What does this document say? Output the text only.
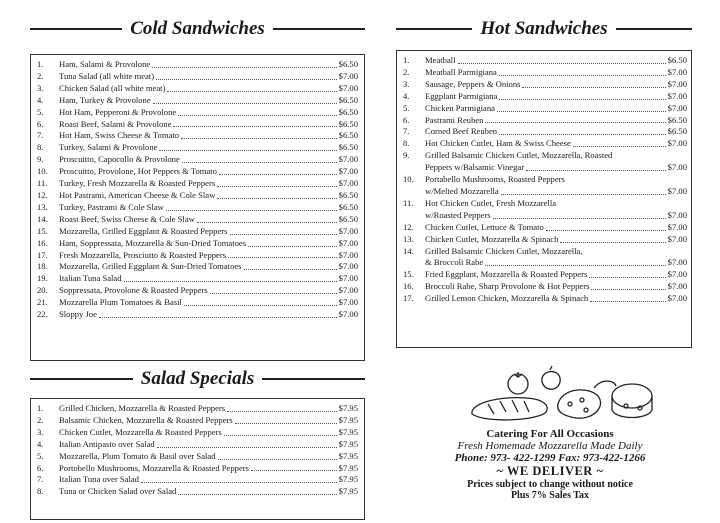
Cold Sandwiches
1.	Ham, Salami & Provolone	$6.50
2.	Tuna Salad (all white meat)	$7.00
3.	Chicken Salad (all white meat)	$7.00
4.	Ham, Turkey & Provolone	$6.50
5.	Hot Ham, Pepperoni & Provolone	$6.50
6.	Roast Beef, Salami & Provolone	$6.50
7.	Hot Ham, Swiss Cheese & Tomato	$6.50
8.	Turkey, Salami & Provolone	$6.50
9.	Proscuitto, Capocollo & Provolone	$7.00
10.	Proscuitto, Provolone, Hot Peppers & Tomato	$7.00
11.	Turkey, Fresh Mozzarella & Roasted Peppers	$7.00
12.	Hot Pastrami, American Cheese & Cole Slaw	$6.50
13.	Turkey, Pastrami & Cole Slaw	$6.50
14.	Roast Beef, Swiss Cheese & Cole Slaw	$6.50
15.	Mozzarella, Grilled Eggplant & Roasted Peppers	$7.00
16.	Ham, Soppressata, Mozzarella & Sun-Dried Tomatoes	$7.00
17.	Fresh Mozzarella, Prosciutto & Roasted Peppers	$7.00
18.	Mozzarella, Grilled Eggplant & Sun-Dried Tomatoes	$7.00
19.	Italian Tuna Salad	$7.00
20.	Soppressata, Provolone & Roasted Peppers	$7.00
21.	Mozzarella Plum Tomatoes & Basil	$7.00
22.	Sloppy Joe	$7.00
Salad Specials
1.	Grilled Chicken, Mozzarella & Roasted Peppers	$7.95
2.	Balsamic Chicken, Mozzarella & Roasted Peppers	$7.95
3.	Chicken Cutlet, Mozzarella & Roasted Peppers	$7.95
4.	Italian Antipasto over Salad	$7.95
5.	Mozzarella, Plum Tomato & Basil over Salad	$7.95
6.	Portobello Mushrooms, Mozzarella & Roasted Peppers	$7.95
7.	Italian Tuna over Salad	$7.95
8.	Tuna or Chicken Salad over Salad	$7.95
Hot Sandwiches
1.	Meatball	$6.50
2.	Meatball Parmigiana	$7.00
3.	Sausage, Peppers & Onions	$7.00
4.	Eggplant Parmigiana	$7.00
5.	Chicken Parmigiana	$7.00
6.	Pastrami Reuben	$6.50
7.	Corned Beef Reuben	$6.50
8.	Hot Chicken Cutlet, Ham & Swiss Cheese	$7.00
9.	Grilled Balsamic Chicken Cutlet, Mozzarella, Roasted
Peppers w/Balsamic Vinegar	$7.00
10.	Portabello Mushrooms, Roasted Peppers
w/Melted Mozzarella	$7.00
11.	Hot Chicken Cutlet, Fresh Mozzarella
w/Roasted Peppers	$7.00
12.	Chicken Cutlet, Lettuce & Tomato	$7.00
13.	Chicken Cutlet, Mozzarella & Spinach	$7.00
14.	Grilled Balsamic Chicken Cutlet, Mozzarella,
& Broccoli Rabe	$7.00
15.	Fried Eggplant, Mozzarella & Roasted Peppers	$7.00
16.	Broccoli Rabe, Sharp Provolone & Hot Peppers	$7.00
17.	Grilled Lemon Chicken, Mozzarella & Spinach	$7.00
Catering For All Occasions
Fresh Homemade Mozzarella Made Daily
Phone: 973- 422-1299 Fax: 973-422-1266
~ WE DELIVER ~
Prices subject to change without notice
Plus 7% Sales Tax
